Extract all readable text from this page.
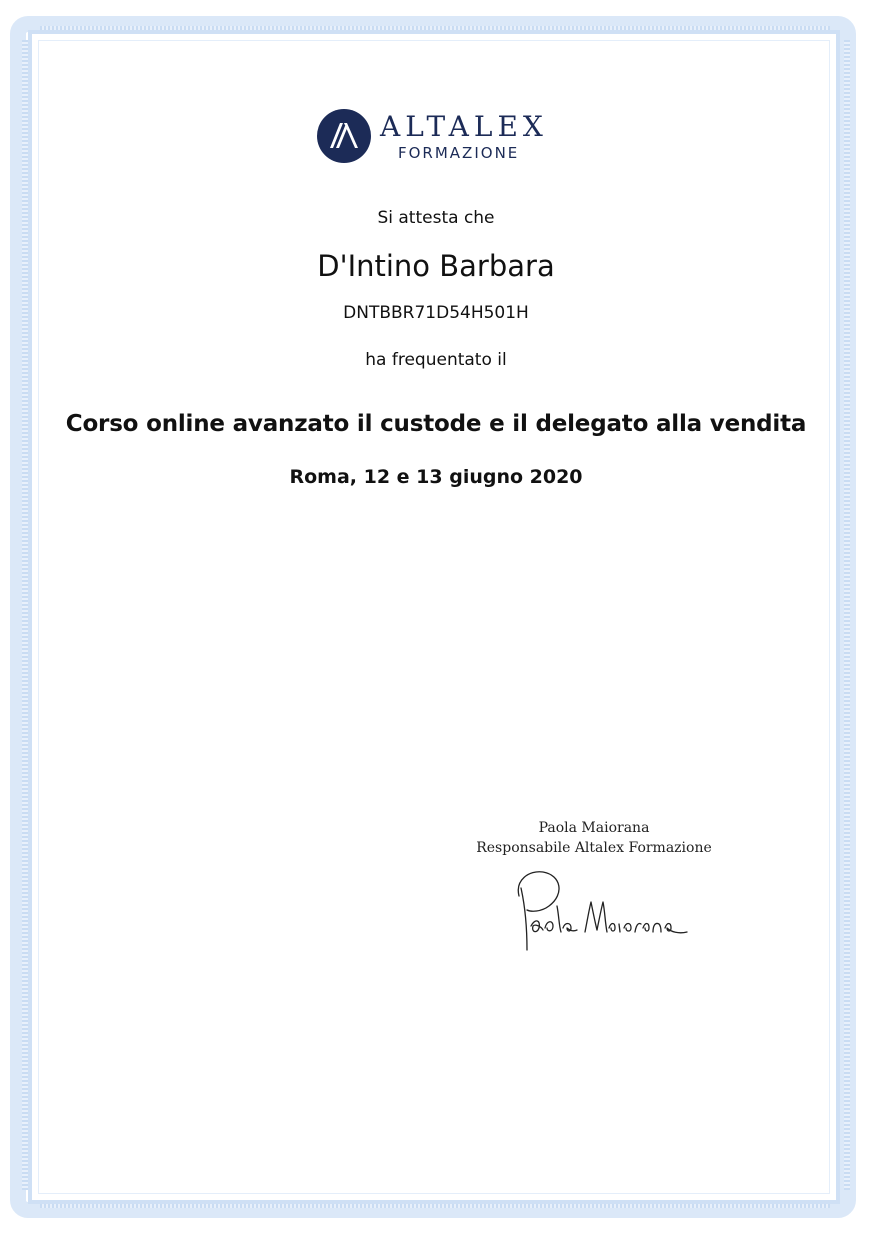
ALTALEX
FORMAZIONE
Si attesta che
D'Intino Barbara
DNTBBR71D54H501H
ha frequentato il
Corso online avanzato il custode e il delegato alla vendita
Roma, 12 e 13 giugno 2020
Paola Maiorana
Responsabile Altalex Formazione
